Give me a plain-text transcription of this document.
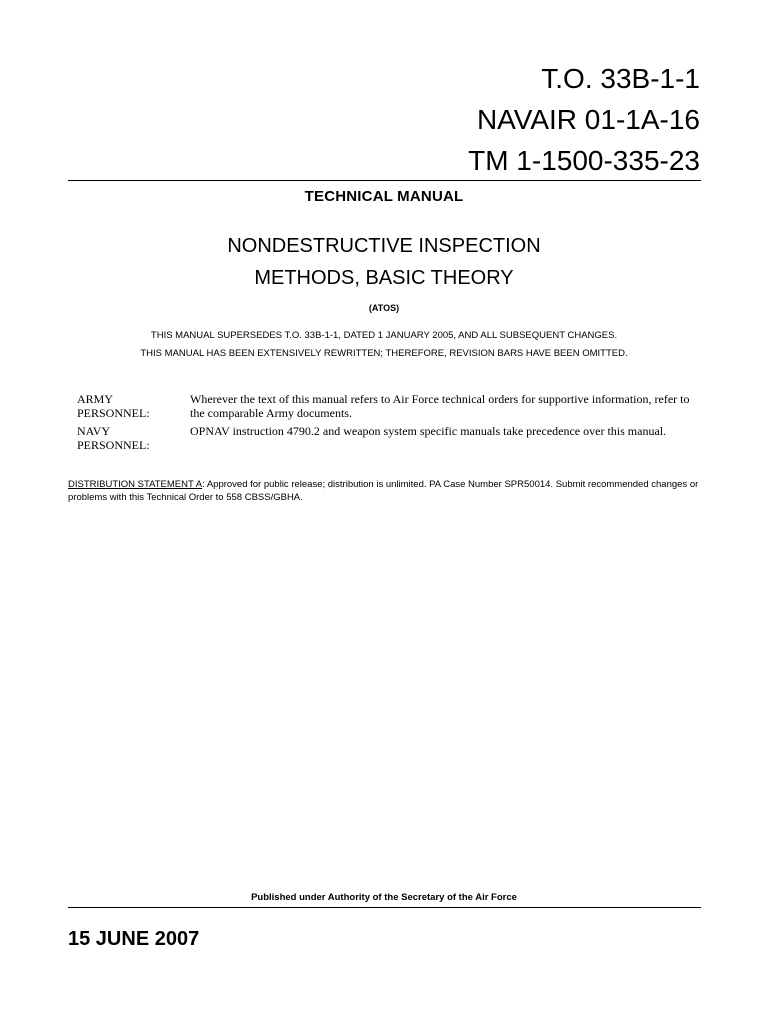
T.O. 33B-1-1
NAVAIR 01-1A-16
TM 1-1500-335-23
TECHNICAL MANUAL
NONDESTRUCTIVE INSPECTION
METHODS, BASIC THEORY
(ATOS)
THIS MANUAL SUPERSEDES T.O. 33B-1-1, DATED 1 JANUARY 2005, AND ALL SUBSEQUENT CHANGES.
THIS MANUAL HAS BEEN EXTENSIVELY REWRITTEN; THEREFORE, REVISION BARS HAVE BEEN OMITTED.
ARMY
PERSONNEL:
Wherever the text of this manual refers to Air Force technical orders for supportive information, refer to the comparable Army documents.
NAVY
PERSONNEL:
OPNAV instruction 4790.2 and weapon system specific manuals take precedence over this manual.
DISTRIBUTION STATEMENT A: Approved for public release; distribution is unlimited. PA Case Number SPR50014. Submit recommended changes or problems with this Technical Order to 558 CBSS/GBHA.
Published under Authority of the Secretary of the Air Force
15 JUNE 2007
